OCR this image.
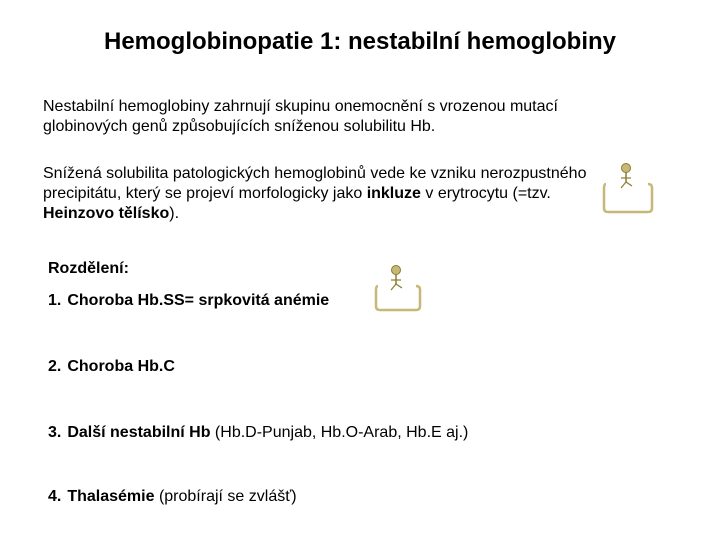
Hemoglobinopatie 1: nestabilní hemoglobiny
Nestabilní hemoglobiny zahrnují skupinu onemocnění s vrozenou mutací globinových genů způsobujících sníženou solubilitu Hb.
Snížená solubilita patologických hemoglobinů vede ke vzniku nerozpustného precipitátu, který se projeví morfologicky jako inkluze v erytrocytu (=tzv. Heinzovo tělísko).
Rozdělení:
1. Choroba Hb.SS= srpkovitá anémie
2. Choroba Hb.C
3. Další nestabilní Hb (Hb.D-Punjab, Hb.O-Arab, Hb.E aj.)
4. Thalasémie (probírají se zvlášť)
